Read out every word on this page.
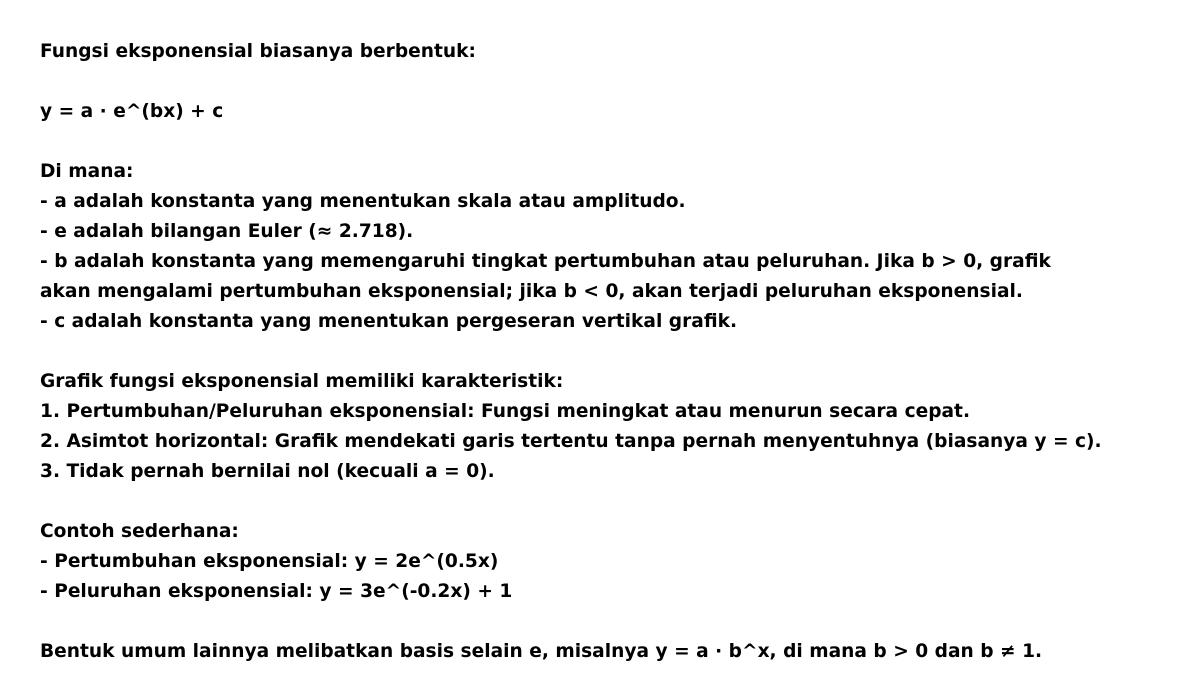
Fungsi eksponensial biasanya berbentuk:
y = a · e^(bx) + c
Di mana:
- a adalah konstanta yang menentukan skala atau amplitudo.
- e adalah bilangan Euler (≈ 2.718).
- b adalah konstanta yang memengaruhi tingkat pertumbuhan atau peluruhan. Jika b > 0, grafik
akan mengalami pertumbuhan eksponensial; jika b < 0, akan terjadi peluruhan eksponensial.
- c adalah konstanta yang menentukan pergeseran vertikal grafik.
Grafik fungsi eksponensial memiliki karakteristik:
1. Pertumbuhan/Peluruhan eksponensial: Fungsi meningkat atau menurun secara cepat.
2. Asimtot horizontal: Grafik mendekati garis tertentu tanpa pernah menyentuhnya (biasanya y = c).
3. Tidak pernah bernilai nol (kecuali a = 0).
Contoh sederhana:
- Pertumbuhan eksponensial: y = 2e^(0.5x)
- Peluruhan eksponensial: y = 3e^(-0.2x) + 1
Bentuk umum lainnya melibatkan basis selain e, misalnya y = a · b^x, di mana b > 0 dan b ≠ 1.
